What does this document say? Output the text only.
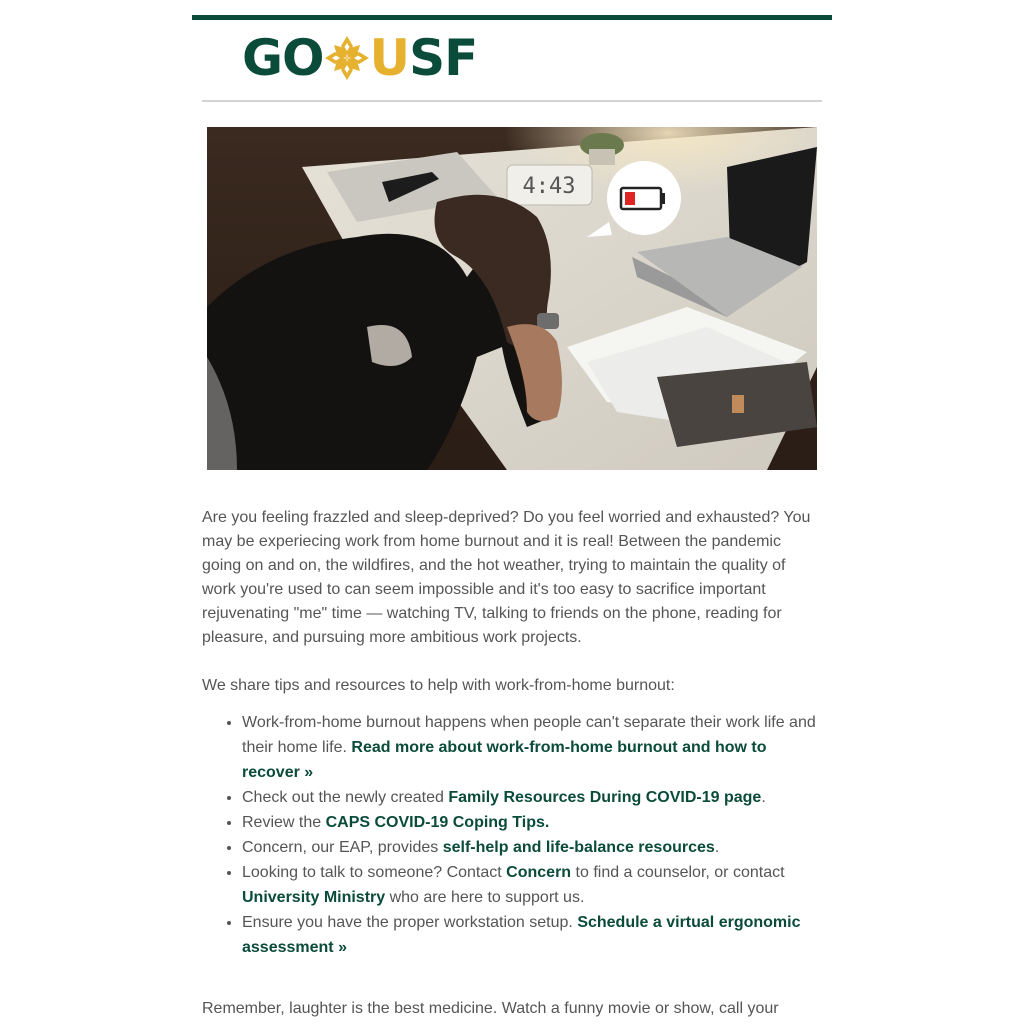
GO U SF
4:43

Are you feeling frazzled and sleep-deprived? Do you feel worried and exhausted? You may be experiecing work from home burnout and it is real! Between the pandemic going on and on, the wildfires, and the hot weather, trying to maintain the quality of work you're used to can seem impossible and it's too easy to sacrifice important rejuvenating "me" time — watching TV, talking to friends on the phone, reading for pleasure, and pursuing more ambitious work projects.

We share tips and resources to help with work-from-home burnout:

• Work-from-home burnout happens when people can't separate their work life and their home life. Read more about work-from-home burnout and how to recover »
• Check out the newly created Family Resources During COVID-19 page.
• Review the CAPS COVID-19 Coping Tips.
• Concern, our EAP, provides self-help and life-balance resources.
• Looking to talk to someone? Contact Concern to find a counselor, or contact University Ministry who are here to support us.
• Ensure you have the proper workstation setup. Schedule a virtual ergonomic assessment »

Remember, laughter is the best medicine. Watch a funny movie or show, call your
